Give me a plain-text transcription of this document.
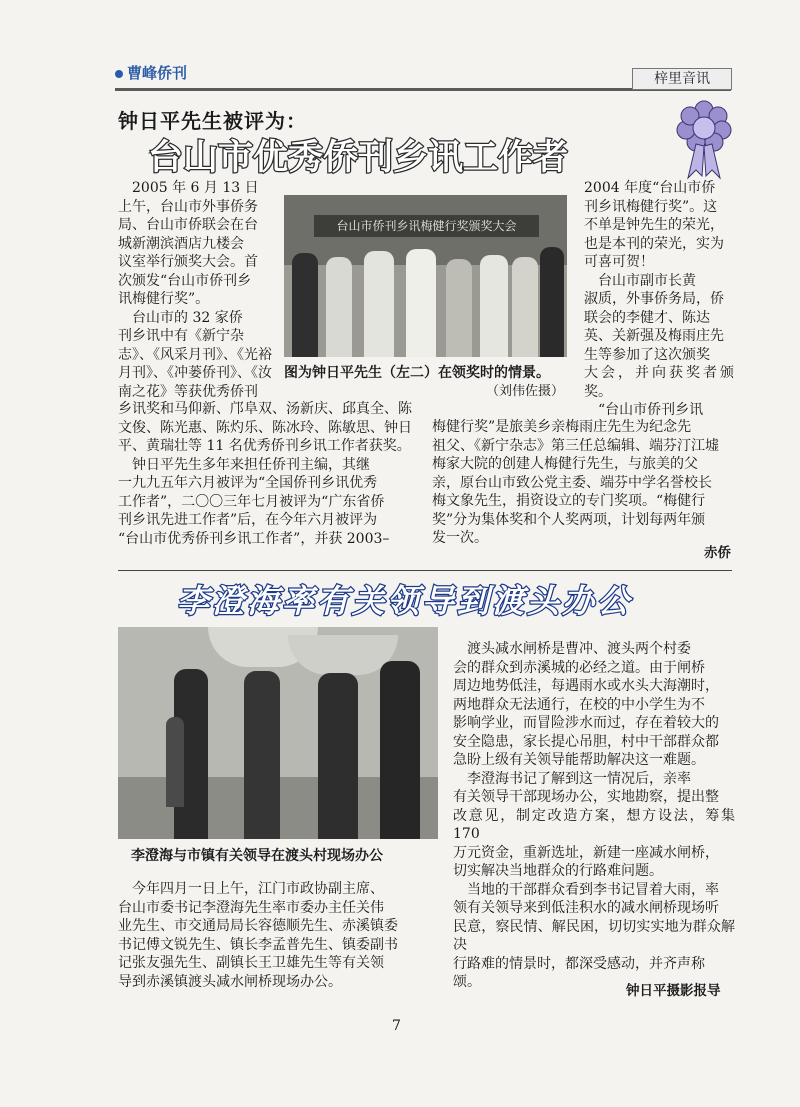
曹峰侨刊	梓里音讯
钟日平先生被评为：
台山市优秀侨刊乡讯工作者
　2005 年 6 月 13 日
上午，台山市外事侨务
局、台山市侨联会在台
城新潮滨酒店九楼会
议室举行颁奖大会。首
次颁发“台山市侨刊乡
讯梅健行奖”。
　台山市的 32 家侨
刊乡讯中有《新宁杂
志》、《风采月刊》、《光裕
月刊》、《冲蒌侨刊》、《汝
南之花》等获优秀侨刊
台山市侨刊乡讯梅健行奖颁奖大会
图为钟日平先生（左二）在领奖时的情景。
（刘伟佐摄）
乡讯奖和马仰新、邝阜双、汤新庆、邱真全、陈
文俊、陈光惠、陈灼乐、陈冰玲、陈敏思、钟日
平、黄瑞壮等 11 名优秀侨刊乡讯工作者获奖。
　钟日平先生多年来担任侨刊主编，其继
一九九五年六月被评为“全国侨刊乡讯优秀
工作者”，二〇〇三年七月被评为“广东省侨
刊乡讯先进工作者”后，在今年六月被评为
“台山市优秀侨刊乡讯工作者”，并获 2003–
2004 年度“台山市侨
刊乡讯梅健行奖”。这
不单是钟先生的荣光，
也是本刊的荣光，实为
可喜可贺！
　台山市副市长黄
淑质，外事侨务局，侨
联会的李健才、陈达
英、关新强及梅雨庄先
生等参加了这次颁奖
大会，并向获奖者颁奖。
　“台山市侨刊乡讯
梅健行奖”是旅美乡亲梅雨庄先生为纪念先
祖父、《新宁杂志》第三任总编辑、端芬汀江墟
梅家大院的创建人梅健行先生，与旅美的父
亲，原台山市致公党主委、端芬中学名誉校长
梅文象先生，捐资设立的专门奖项。“梅健行
奖”分为集体奖和个人奖两项，计划每两年颁
发一次。
赤侨
李澄海率有关领导到渡头办公
李澄海与市镇有关领导在渡头村现场办公
　今年四月一日上午，江门市政协副主席、
台山市委书记李澄海先生率市委办主任关伟
业先生、市交通局局长容德顺先生、赤溪镇委
书记傅文锐先生、镇长李孟普先生、镇委副书
记张友强先生、副镇长王卫雄先生等有关领
导到赤溪镇渡头减水闸桥现场办公。
　渡头减水闸桥是曹冲、渡头两个村委
会的群众到赤溪城的必经之道。由于闸桥
周边地势低洼，每遇雨水或水头大海潮时，
两地群众无法通行，在校的中小学生为不
影响学业，而冒险涉水而过，存在着较大的
安全隐患，家长提心吊胆，村中干部群众都
急盼上级有关领导能帮助解决这一难题。
　李澄海书记了解到这一情况后，亲率
有关领导干部现场办公，实地勘察，提出整
改意见，制定改造方案，想方设法，筹集 170
万元资金，重新选址，新建一座减水闸桥，
切实解决当地群众的行路难问题。
　当地的干部群众看到李书记冒着大雨，率
领有关领导来到低洼积水的减水闸桥现场听
民意，察民情、解民困，切切实实地为群众解决
行路难的情景时，都深受感动，并齐声称
颂。
钟日平摄影报导
7
